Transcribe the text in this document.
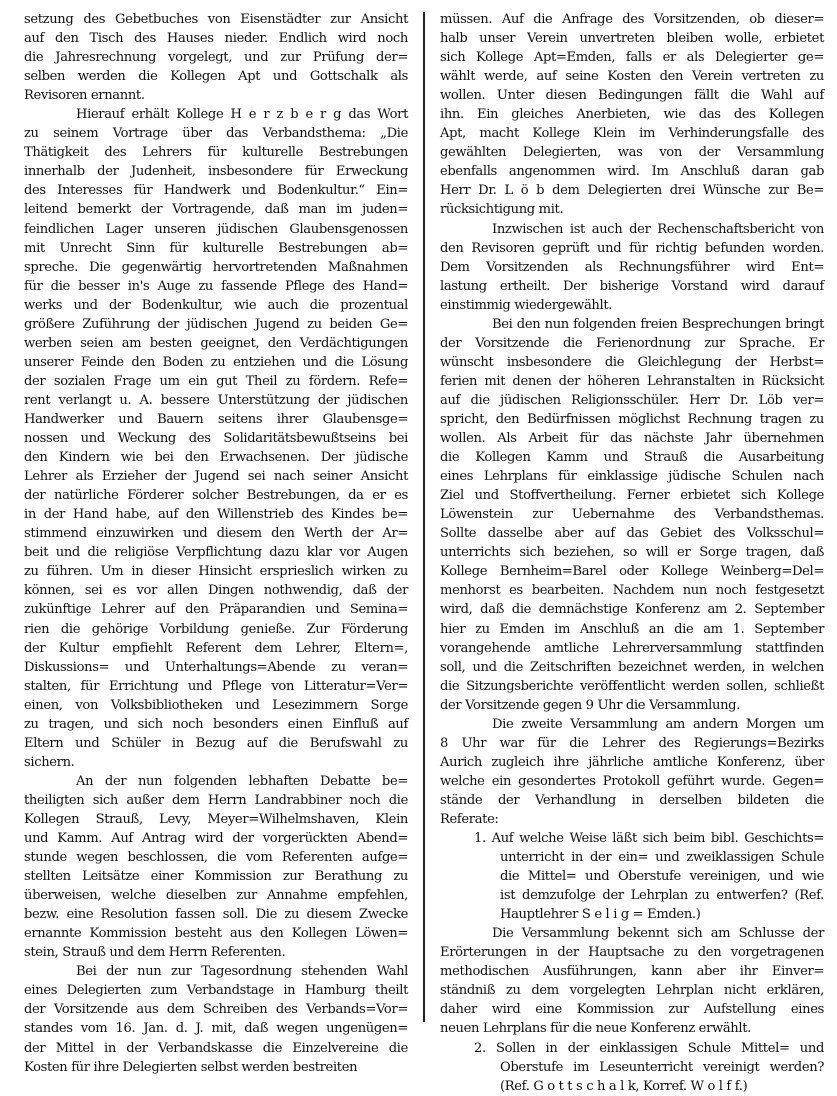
setzung des Gebetbuches von Eisenstädter zur Ansicht
auf den Tisch des Hauses nieder. Endlich wird noch
die Jahresrechnung vorgelegt, und zur Prüfung der=
selben werden die Kollegen Apt und Gottschalk als
Revisoren ernannt.

Hierauf erhält Kollege H e r z b e r g das Wort
zu seinem Vortrage über das Verbandsthema: „Die
Thätigkeit des Lehrers für kulturelle Bestrebungen
innerhalb der Judenheit, insbesondere für Erweckung
des Interesses für Handwerk und Bodenkultur.“ Ein=
leitend bemerkt der Vortragende, daß man im juden=
feindlichen Lager unseren jüdischen Glaubensgenossen
mit Unrecht Sinn für kulturelle Bestrebungen ab=
spreche. Die gegenwärtig hervortretenden Maßnahmen
für die besser in's Auge zu fassende Pflege des Hand=
werks und der Bodenkultur, wie auch die prozentual
größere Zuführung der jüdischen Jugend zu beiden Ge=
werben seien am besten geeignet, den Verdächtigungen
unserer Feinde den Boden zu entziehen und die Lösung
der sozialen Frage um ein gut Theil zu fördern. Refe=
rent verlangt u. A. bessere Unterstützung der jüdischen
Handwerker und Bauern seitens ihrer Glaubensge=
nossen und Weckung des Solidaritätsbewußtseins bei
den Kindern wie bei den Erwachsenen. Der jüdische
Lehrer als Erzieher der Jugend sei nach seiner Ansicht
der natürliche Förderer solcher Bestrebungen, da er es
in der Hand habe, auf den Willenstrieb des Kindes be=
stimmend einzuwirken und diesem den Werth der Ar=
beit und die religiöse Verpflichtung dazu klar vor Augen
zu führen. Um in dieser Hinsicht ersprieslich wirken zu
können, sei es vor allen Dingen nothwendig, daß der
zukünftige Lehrer auf den Präparandien und Semina=
rien die gehörige Vorbildung genieße. Zur Förderung
der Kultur empfiehlt Referent dem Lehrer, Eltern=,
Diskussions= und Unterhaltungs=Abende zu veran=
stalten, für Errichtung und Pflege von Litteratur=Ver=
einen, von Volksbibliotheken und Lesezimmern Sorge
zu tragen, und sich noch besonders einen Einfluß auf
Eltern und Schüler in Bezug auf die Berufswahl zu
sichern.

An der nun folgenden lebhaften Debatte be=
theiligten sich außer dem Herrn Landrabbiner noch die
Kollegen Strauß, Levy, Meyer=Wilhelmshaven, Klein
und Kamm. Auf Antrag wird der vorgerückten Abend=
stunde wegen beschlossen, die vom Referenten aufge=
stellten Leitsätze einer Kommission zur Berathung zu
überweisen, welche dieselben zur Annahme empfehlen,
bezw. eine Resolution fassen soll. Die zu diesem Zwecke
ernannte Kommission besteht aus den Kollegen Löwen=
stein, Strauß und dem Herrn Referenten.

Bei der nun zur Tagesordnung stehenden Wahl
eines Delegierten zum Verbandstage in Hamburg theilt
der Vorsitzende aus dem Schreiben des Verbands=Vor=
standes vom 16. Jan. d. J. mit, daß wegen ungenügen=
der Mittel in der Verbandskasse die Einzelvereine die
Kosten für ihre Delegierten selbst werden bestreiten

müssen. Auf die Anfrage des Vorsitzenden, ob dieser=
halb unser Verein unvertreten bleiben wolle, erbietet
sich Kollege Apt=Emden, falls er als Delegierter ge=
wählt werde, auf seine Kosten den Verein vertreten zu
wollen. Unter diesen Bedingungen fällt die Wahl auf
ihn. Ein gleiches Anerbieten, wie das des Kollegen
Apt, macht Kollege Klein im Verhinderungsfalle des
gewählten Delegierten, was von der Versammlung
ebenfalls angenommen wird. Im Anschluß daran gab
Herr Dr. L ö b dem Delegierten drei Wünsche zur Be=
rücksichtigung mit.

Inzwischen ist auch der Rechenschaftsbericht von
den Revisoren geprüft und für richtig befunden worden.
Dem Vorsitzenden als Rechnungsführer wird Ent=
lastung ertheilt. Der bisherige Vorstand wird darauf
einstimmig wiedergewählt.

Bei den nun folgenden freien Besprechungen bringt
der Vorsitzende die Ferienordnung zur Sprache. Er
wünscht insbesondere die Gleichlegung der Herbst=
ferien mit denen der höheren Lehranstalten in Rücksicht
auf die jüdischen Religionsschüler. Herr Dr. Löb ver=
spricht, den Bedürfnissen möglichst Rechnung tragen zu
wollen. Als Arbeit für das nächste Jahr übernehmen
die Kollegen Kamm und Strauß die Ausarbeitung
eines Lehrplans für einklassige jüdische Schulen nach
Ziel und Stoffvertheilung. Ferner erbietet sich Kollege
Löwenstein zur Uebernahme des Verbandsthemas.
Sollte dasselbe aber auf das Gebiet des Volksschul=
unterrichts sich beziehen, so will er Sorge tragen, daß
Kollege Bernheim=Barel oder Kollege Weinberg=Del=
menhorst es bearbeiten. Nachdem nun noch festgesetzt
wird, daß die demnächstige Konferenz am 2. September
hier zu Emden im Anschluß an die am 1. September
vorangehende amtliche Lehrerversammlung stattfinden
soll, und die Zeitschriften bezeichnet werden, in welchen
die Sitzungsberichte veröffentlicht werden sollen, schließt
der Vorsitzende gegen 9 Uhr die Versammlung.

Die zweite Versammlung am andern Morgen um
8 Uhr war für die Lehrer des Regierungs=Bezirks
Aurich zugleich ihre jährliche amtliche Konferenz, über
welche ein gesondertes Protokoll geführt wurde. Gegen=
stände der Verhandlung in derselben bildeten die
Referate:

1. Auf welche Weise läßt sich beim bibl. Geschichts=
unterricht in der ein= und zweiklassigen Schule
die Mittel= und Oberstufe vereinigen, und wie
ist demzufolge der Lehrplan zu entwerfen? (Ref.
Hauptlehrer S e l i g = Emden.)

Die Versammlung bekennt sich am Schlusse der
Erörterungen in der Hauptsache zu den vorgetragenen
methodischen Ausführungen, kann aber ihr Einver=
ständniß zu dem vorgelegten Lehrplan nicht erklären,
daher wird eine Kommission zur Aufstellung eines
neuen Lehrplans für die neue Konferenz erwählt.

2. Sollen in der einklassigen Schule Mittel= und
Oberstufe im Leseunterricht vereinigt werden?
(Ref. G o t t s c h a l k, Korref. W o l f f.)
